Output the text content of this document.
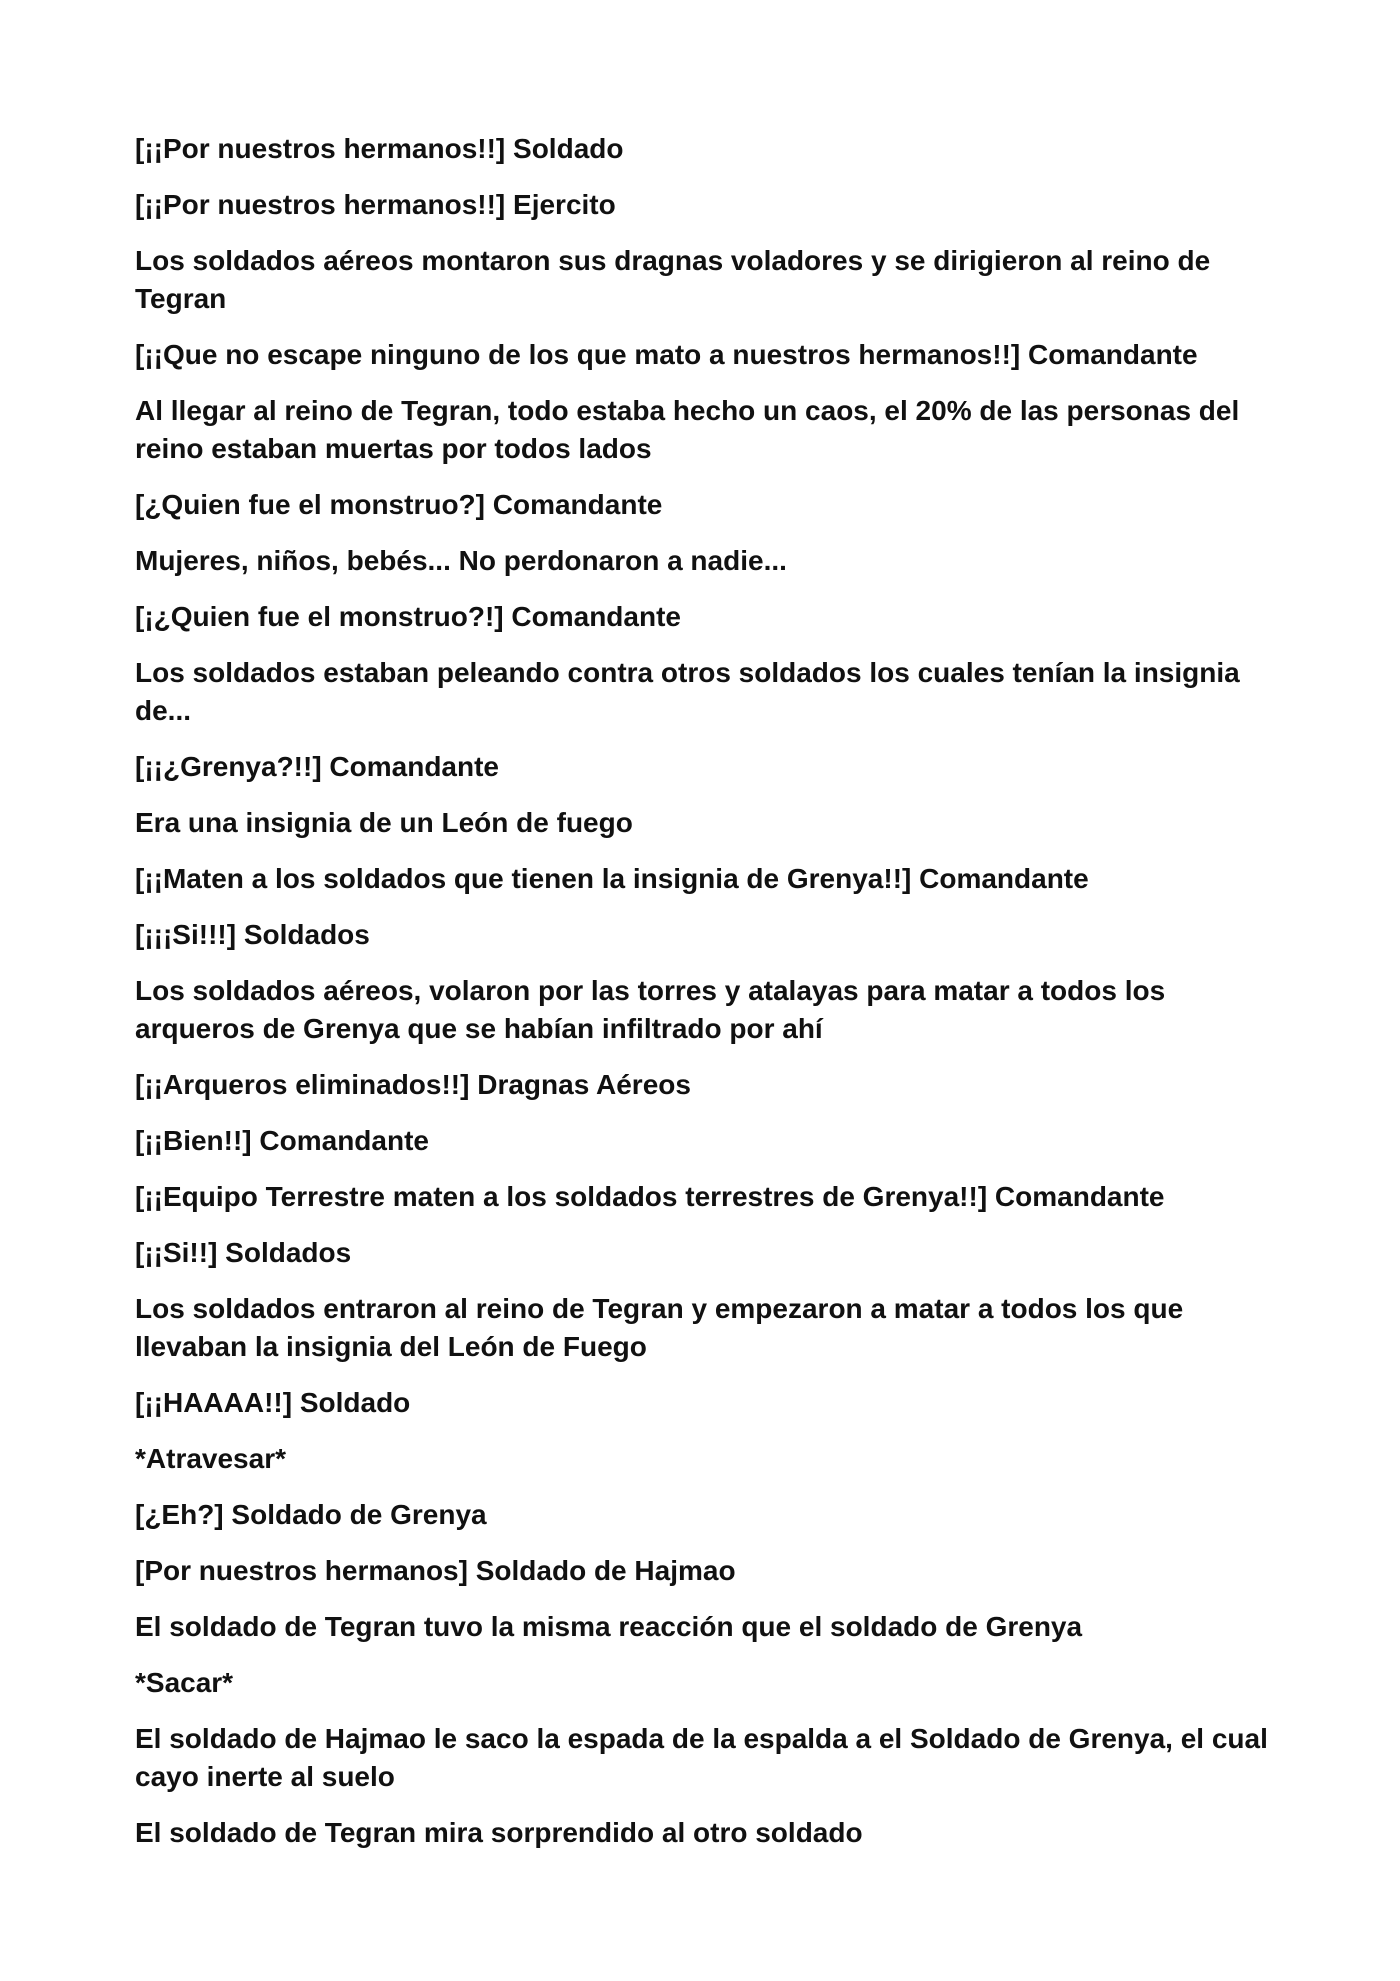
[¡¡Por nuestros hermanos!!] Soldado

[¡¡Por nuestros hermanos!!] Ejercito

Los soldados aéreos montaron sus dragnas voladores y se dirigieron al reino de Tegran

[¡¡Que no escape ninguno de los que mato a nuestros hermanos!!] Comandante

Al llegar al reino de Tegran, todo estaba hecho un caos, el 20% de las personas del reino estaban muertas por todos lados

[¿Quien fue el monstruo?] Comandante

Mujeres, niños, bebés... No perdonaron a nadie...

[¡¿Quien fue el monstruo?!] Comandante

Los soldados estaban peleando contra otros soldados los cuales tenían la insignia de...

[¡¡¿Grenya?!!] Comandante

Era una insignia de un León de fuego

[¡¡Maten a los soldados que tienen la insignia de Grenya!!] Comandante

[¡¡¡Si!!!] Soldados

Los soldados aéreos, volaron por las torres y atalayas para matar a todos los arqueros de Grenya que se habían infiltrado por ahí

[¡¡Arqueros eliminados!!] Dragnas Aéreos

[¡¡Bien!!] Comandante

[¡¡Equipo Terrestre maten a los soldados terrestres de Grenya!!] Comandante

[¡¡Si!!] Soldados

Los soldados entraron al reino de Tegran y empezaron a matar a todos los que llevaban la insignia del León de Fuego

[¡¡HAAAA!!] Soldado

*Atravesar*

[¿Eh?] Soldado de Grenya

[Por nuestros hermanos] Soldado de Hajmao

El soldado de Tegran tuvo la misma reacción que el soldado de Grenya

*Sacar*

El soldado de Hajmao le saco la espada de la espalda a el Soldado de Grenya, el cual cayo inerte al suelo

El soldado de Tegran mira sorprendido al otro soldado
